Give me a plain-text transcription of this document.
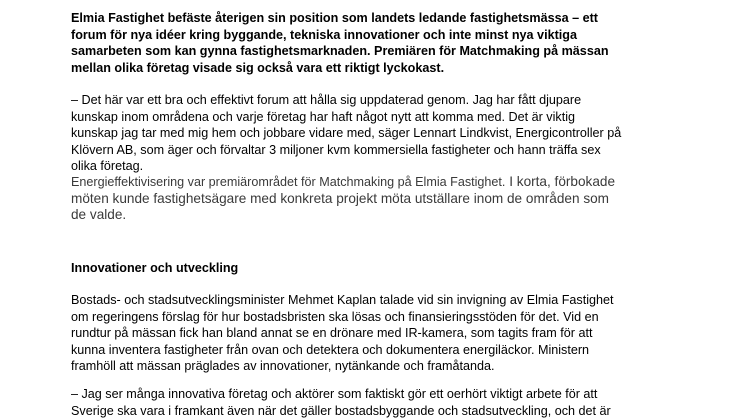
Elmia Fastighet befäste återigen sin position som landets ledande fastighetsmässa – ett
forum för nya idéer kring byggande, tekniska innovationer och inte minst nya viktiga
samarbeten som kan gynna fastighetsmarknaden. Premiären för Matchmaking på mässan
mellan olika företag visade sig också vara ett riktigt lyckokast.

– Det här var ett bra och effektivt forum att hålla sig uppdaterad genom. Jag har fått djupare
kunskap inom områdena och varje företag har haft något nytt att komma med. Det är viktig
kunskap jag tar med mig hem och jobbare vidare med, säger Lennart Lindkvist, Energicontroller på
Klövern AB, som äger och förvaltar 3 miljoner kvm kommersiella fastigheter och hann träffa sex
olika företag.

Energieffektivisering var premiärområdet för Matchmaking på Elmia Fastighet. I korta, förbokade
möten kunde fastighetsägare med konkreta projekt möta utställare inom de områden som
de valde.

Innovationer och utveckling

Bostads- och stadsutvecklingsminister Mehmet Kaplan talade vid sin invigning av Elmia Fastighet
om regeringens förslag för hur bostadsbristen ska lösas och finansieringsstöden för det. Vid en
rundtur på mässan fick han bland annat se en drönare med IR-kamera, som tagits fram för att
kunna inventera fastigheter från ovan och detektera och dokumentera energiläckor. Ministern
framhöll att mässan präglades av innovationer, nytänkande och framåtanda.

– Jag ser många innovativa företag och aktörer som faktiskt gör ett oerhört viktigt arbete för att
Sverige ska vara i framkant även när det gäller bostadsbyggande och stadsutveckling, och det är
